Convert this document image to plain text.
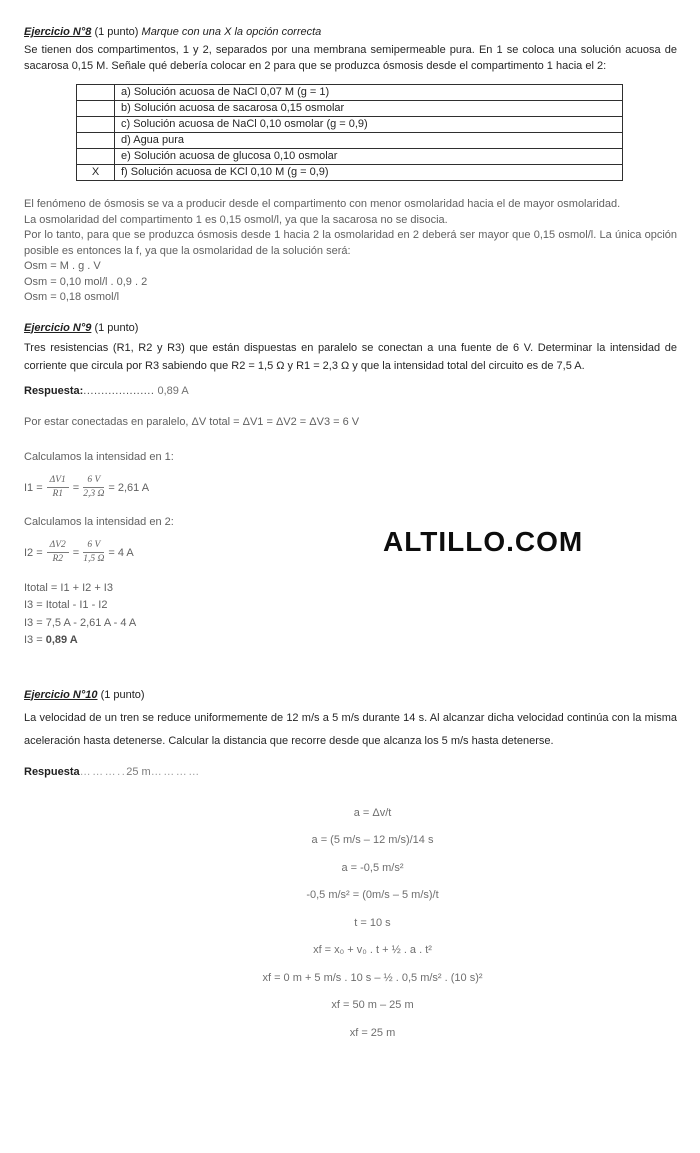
Ejercicio N°8 (1 punto) Marque con una X la opción correcta
Se tienen dos compartimentos, 1 y 2, separados por una membrana semipermeable pura. En 1 se coloca una solución acuosa de sacarosa 0,15 M. Señale qué debería colocar en 2 para que se produzca ósmosis desde el compartimento 1 hacia el 2:
	a) Solución acuosa de NaCl 0,07 M (g = 1)
	b) Solución acuosa de sacarosa 0,15 osmolar
	c) Solución acuosa de NaCl 0,10 osmolar (g = 0,9)
	d) Agua pura
	e) Solución acuosa de glucosa 0,10 osmolar
X	f) Solución acuosa de KCl 0,10 M (g = 0,9)
El fenómeno de ósmosis se va a producir desde el compartimento con menor osmolaridad hacia el de mayor osmolaridad.
La osmolaridad del compartimento 1 es 0,15 osmol/l, ya que la sacarosa no se disocia.
Por lo tanto, para que se produzca ósmosis desde 1 hacia 2 la osmolaridad en 2 deberá ser mayor que 0,15 osmol/l. La única opción posible es entonces la f, ya que la osmolaridad de la solución será:
Osm = M . g . V
Osm = 0,10 mol/l . 0,9 . 2
Osm = 0,18 osmol/l
Ejercicio N°9 (1 punto)
Tres resistencias (R1, R2 y R3) que están dispuestas en paralelo se conectan a una fuente de 6 V. Determinar la intensidad de corriente que circula por R3 sabiendo que R2 = 1,5 Ω y R1 = 2,3 Ω y que la intensidad total del circuito es de 7,5 A.
Respuesta:.................... 0,89 A
Por estar conectadas en paralelo, ΔV total = ΔV1 = ΔV2 = ΔV3 = 6 V
Calculamos la intensidad en 1:
$I1 = \frac{\Delta V1}{R1} = \frac{6 V}{2,3 \Omega} = 2,61$ A
Calculamos la intensidad en 2:
$I2 = \frac{\Delta V2}{R2} = \frac{6 V}{1,5 \Omega} = 4$ A
Itotal = I1 + I2 + I3
I3 = Itotal - I1 - I2
I3 = 7,5 A - 2,61 A - 4 A
I3 = 0,89 A
Ejercicio N°10 (1 punto)
La velocidad de un tren se reduce uniformemente de 12 m/s a 5 m/s durante 14 s. Al alcanzar dicha velocidad continúa con la misma aceleración hasta detenerse. Calcular la distancia que recorre desde que alcanza los 5 m/s hasta detenerse.
Respuesta………..25 m…………
a = Δv/t
a = (5 m/s – 12 m/s)/14 s
a = -0,5 m/s²
-0,5 m/s² = (0m/s – 5 m/s)/t
t = 10 s
xf = x₀ + v₀ . t + ½ . a . t²
xf = 0 m + 5 m/s . 10 s – ½ . 0,5 m/s² . (10 s)²
xf = 50 m – 25 m
xf = 25 m
ALTILLO.COM
